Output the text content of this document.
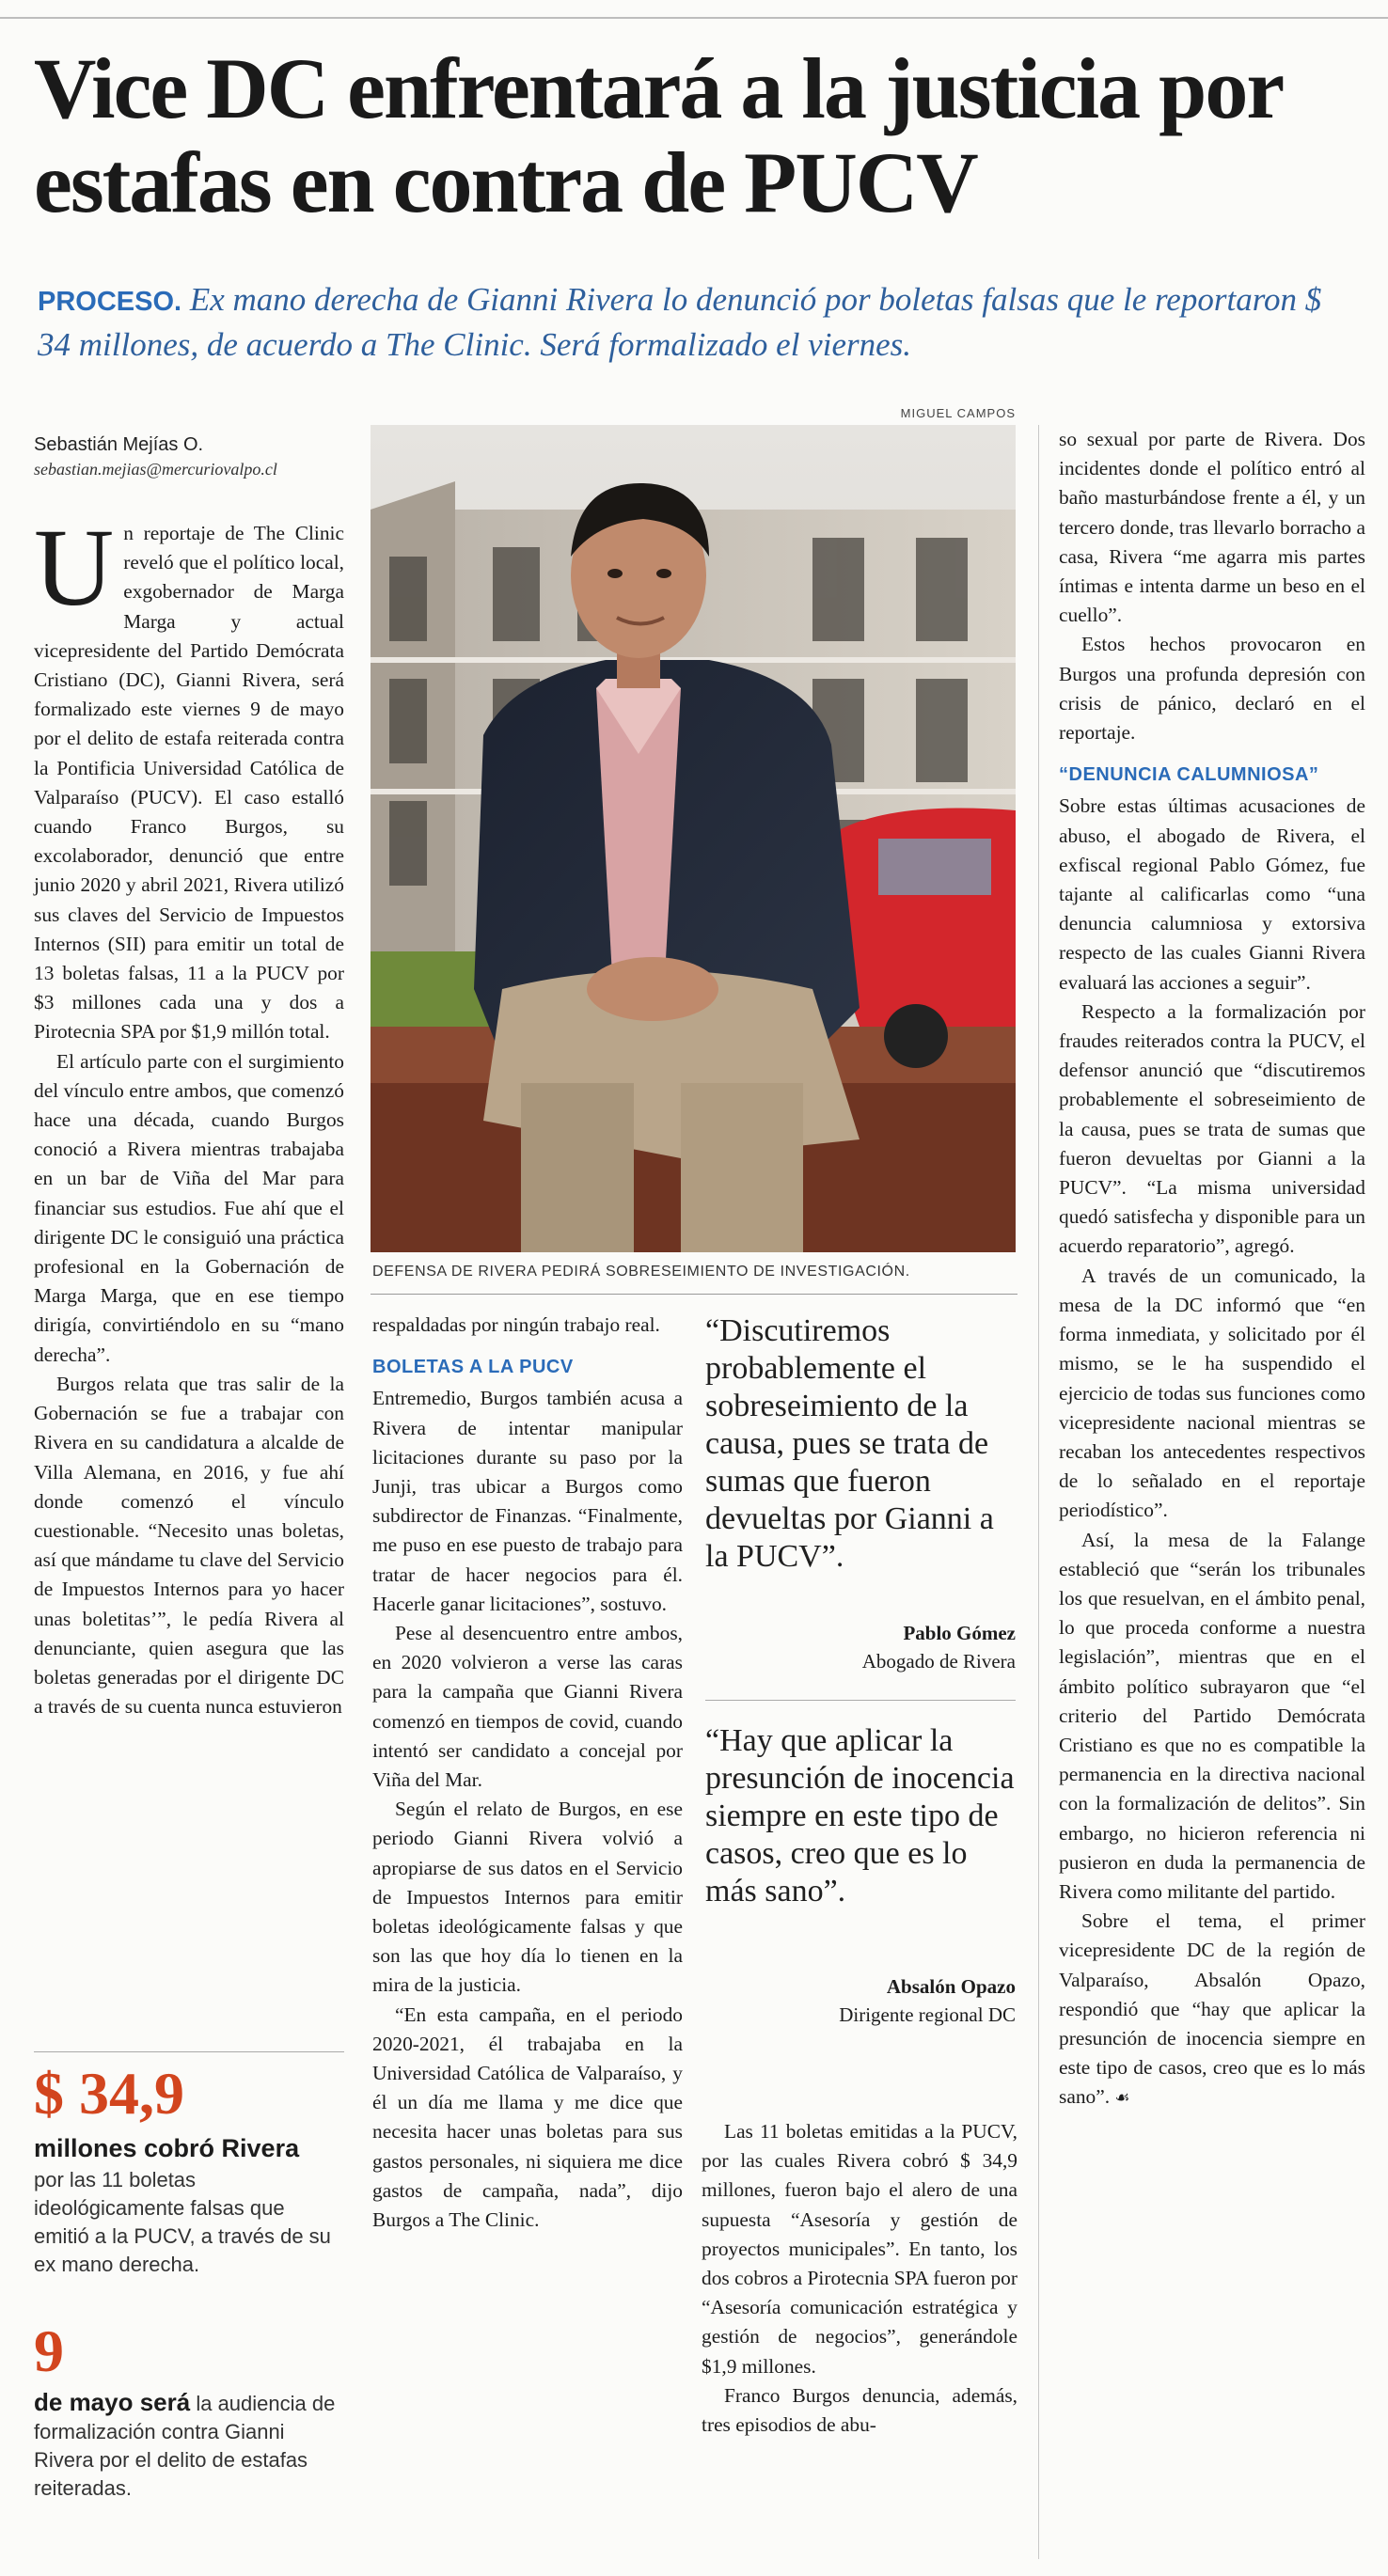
Vice DC enfrentará a la justicia por estafas en contra de PUCV
PROCESO. Ex mano derecha de Gianni Rivera lo denunció por boletas falsas que le reportaron $ 34 millones, de acuerdo a The Clinic. Será formalizado el viernes.
Sebastián Mejías O.
sebastian.mejias@mercuriovalpo.cl

Un reportaje de The Clinic reveló que el político local, exgobernador de Marga Marga y actual vicepresidente del Partido Demócrata Cristiano (DC), Gianni Rivera, será formalizado este viernes 9 de mayo por el delito de estafa reiterada contra la Pontificia Universidad Católica de Valparaíso (PUCV). El caso estalló cuando Franco Burgos, su excolaborador, denunció que entre junio 2020 y abril 2021, Rivera utilizó sus claves del Servicio de Impuestos Internos (SII) para emitir un total de 13 boletas falsas, 11 a la PUCV por $3 millones cada una y dos a Pirotecnia SPA por $1,9 millón total.

El artículo parte con el surgimiento del vínculo entre ambos, que comenzó hace una década, cuando Burgos conoció a Rivera mientras trabajaba en un bar de Viña del Mar para financiar sus estudios. Fue ahí que el dirigente DC le consiguió una práctica profesional en la Gobernación de Marga Marga, que en ese tiempo dirigía, convirtiéndolo en su “mano derecha”.

Burgos relata que tras salir de la Gobernación se fue a trabajar con Rivera en su candidatura a alcalde de Villa Alemana, en 2016, y fue ahí donde comenzó el vínculo cuestionable. “Necesito unas boletas, así que mándame tu clave del Servicio de Impuestos Internos para yo hacer unas boletitas’”, le pedía Rivera al denunciante, quien asegura que las boletas generadas por el dirigente DC a través de su cuenta nunca estuvieron

MIGUEL CAMPOS
DEFENSA DE RIVERA PEDIRÁ SOBRESEIMIENTO DE INVESTIGACIÓN.

respaldadas por ningún trabajo real.

BOLETAS A LA PUCV

Entremedio, Burgos también acusa a Rivera de intentar manipular licitaciones durante su paso por la Junji, tras ubicar a Burgos como subdirector de Finanzas. “Finalmente, me puso en ese puesto de trabajo para tratar de hacer negocios para él. Hacerle ganar licitaciones”, sostuvo.

Pese al desencuentro entre ambos, en 2020 volvieron a verse las caras para la campaña que Gianni Rivera comenzó en tiempos de covid, cuando intentó ser candidato a concejal por Viña del Mar.

Según el relato de Burgos, en ese periodo Gianni Rivera volvió a apropiarse de sus datos en el Servicio de Impuestos Internos para emitir boletas ideológicamente falsas y que son las que hoy día lo tienen en la mira de la justicia.

“En esta campaña, en el periodo 2020-2021, él trabajaba en la Universidad Católica de Valparaíso, y él un día me llama y me dice que necesita hacer unas boletas para sus gastos personales, ni siquiera me dice gastos de campaña, nada”, dijo Burgos a The Clinic.

“Discutiremos probablemente el sobreseimiento de la causa, pues se trata de sumas que fueron devueltas por Gianni a la PUCV”.
Pablo Gómez
Abogado de Rivera
“Hay que aplicar la presunción de inocencia siempre en este tipo de casos, creo que es lo más sano”.
Absalón Opazo
Dirigente regional DC

Las 11 boletas emitidas a la PUCV, por las cuales Rivera cobró $ 34,9 millones, fueron bajo el alero de una supuesta “Asesoría y gestión de proyectos municipales”. En tanto, los dos cobros a Pirotecnia SPA fueron por “Asesoría comunicación estratégica y gestión de negocios”, generándole $1,9 millones.

Franco Burgos denuncia, además, tres episodios de abu-

so sexual por parte de Rivera. Dos incidentes donde el político entró al baño masturbándose frente a él, y un tercero donde, tras llevarlo borracho a casa, Rivera “me agarra mis partes íntimas e intenta darme un beso en el cuello”.

Estos hechos provocaron en Burgos una profunda depresión con crisis de pánico, declaró en el reportaje.

“DENUNCIA CALUMNIOSA”

Sobre estas últimas acusaciones de abuso, el abogado de Rivera, el exfiscal regional Pablo Gómez, fue tajante al calificarlas como “una denuncia calumniosa y extorsiva respecto de las cuales Gianni Rivera evaluará las acciones a seguir”.

Respecto a la formalización por fraudes reiterados contra la PUCV, el defensor anunció que “discutiremos probablemente el sobreseimiento de la causa, pues se trata de sumas que fueron devueltas por Gianni a la PUCV”. “La misma universidad quedó satisfecha y disponible para un acuerdo reparatorio”, agregó.

A través de un comunicado, la mesa de la DC informó que “en forma inmediata, y solicitado por él mismo, se le ha suspendido el ejercicio de todas sus funciones como vicepresidente nacional mientras se recaban los antecedentes respectivos de lo señalado en el reportaje periodístico”.

Así, la mesa de la Falange estableció que “serán los tribunales los que resuelvan, en el ámbito penal, lo que proceda conforme a nuestra legislación”, mientras que en el ámbito político subrayaron que “el criterio del Partido Demócrata Cristiano es que no es compatible la permanencia en la directiva nacional con la formalización de delitos”. Sin embargo, no hicieron referencia ni pusieron en duda la permanencia de Rivera como militante del partido.

Sobre el tema, el primer vicepresidente DC de la región de Valparaíso, Absalón Opazo, respondió que “hay que aplicar la presunción de inocencia siempre en este tipo de casos, creo que es lo más sano”. ☙

$ 34,9
millones cobró Rivera
por las 11 boletas ideológicamente falsas que emitió a la PUCV, a través de su ex mano derecha.
9
de mayo será la audiencia de formalización contra Gianni Rivera por el delito de estafas reiteradas.
